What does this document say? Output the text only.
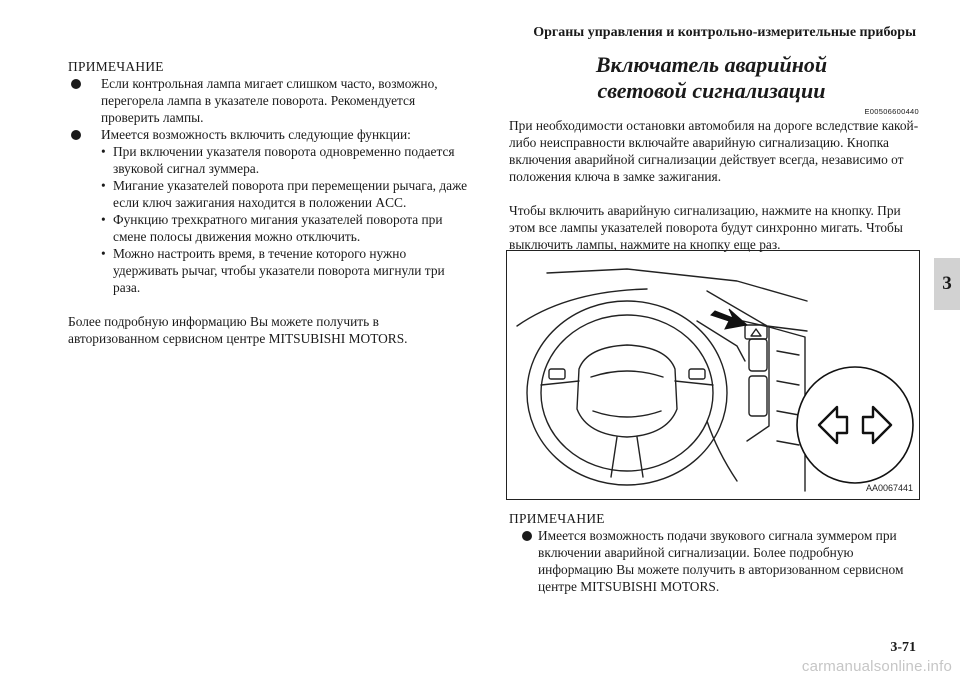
Органы управления и контрольно-измерительные приборы
3
ПРИМЕЧАНИЕ
Если контрольная лампа мигает слишком часто, возможно, перегорела лампа в указателе поворота. Рекомендуется проверить лампы.
Имеется возможность включить следующие функции:
• При включении указателя поворота одновременно подается звуковой сигнал зуммера.
• Мигание указателей поворота при перемещении рычага, даже если ключ зажигания находится в положении ACC.
• Функцию трехкратного мигания указателей поворота при смене полосы движения можно отключить.
• Можно настроить время, в течение которого нужно удерживать рычаг, чтобы указатели поворота мигнули три раза.
Более подробную информацию Вы можете получить в авторизованном сервисном центре MITSUBISHI MOTORS.
Включатель аварийной
световой сигнализации
E00506600440
При необходимости остановки автомобиля на дороге вследствие какой-либо неисправности включайте аварийную сигнализацию. Кнопка включения аварийной сигнализации действует всегда, независимо от положения ключа в замке зажигания.
Чтобы включить аварийную сигнализацию, нажмите на кнопку. При этом все лампы указателей поворота будут синхронно мигать. Чтобы выключить лампы, нажмите на кнопку еще раз.
AA0067441
ПРИМЕЧАНИЕ
Имеется возможность подачи звукового сигнала зуммером при включении аварийной сигнализации. Более подробную информацию Вы можете получить в авторизованном сервисном центре MITSUBISHI MOTORS.
3-71
carmanualsonline.info
